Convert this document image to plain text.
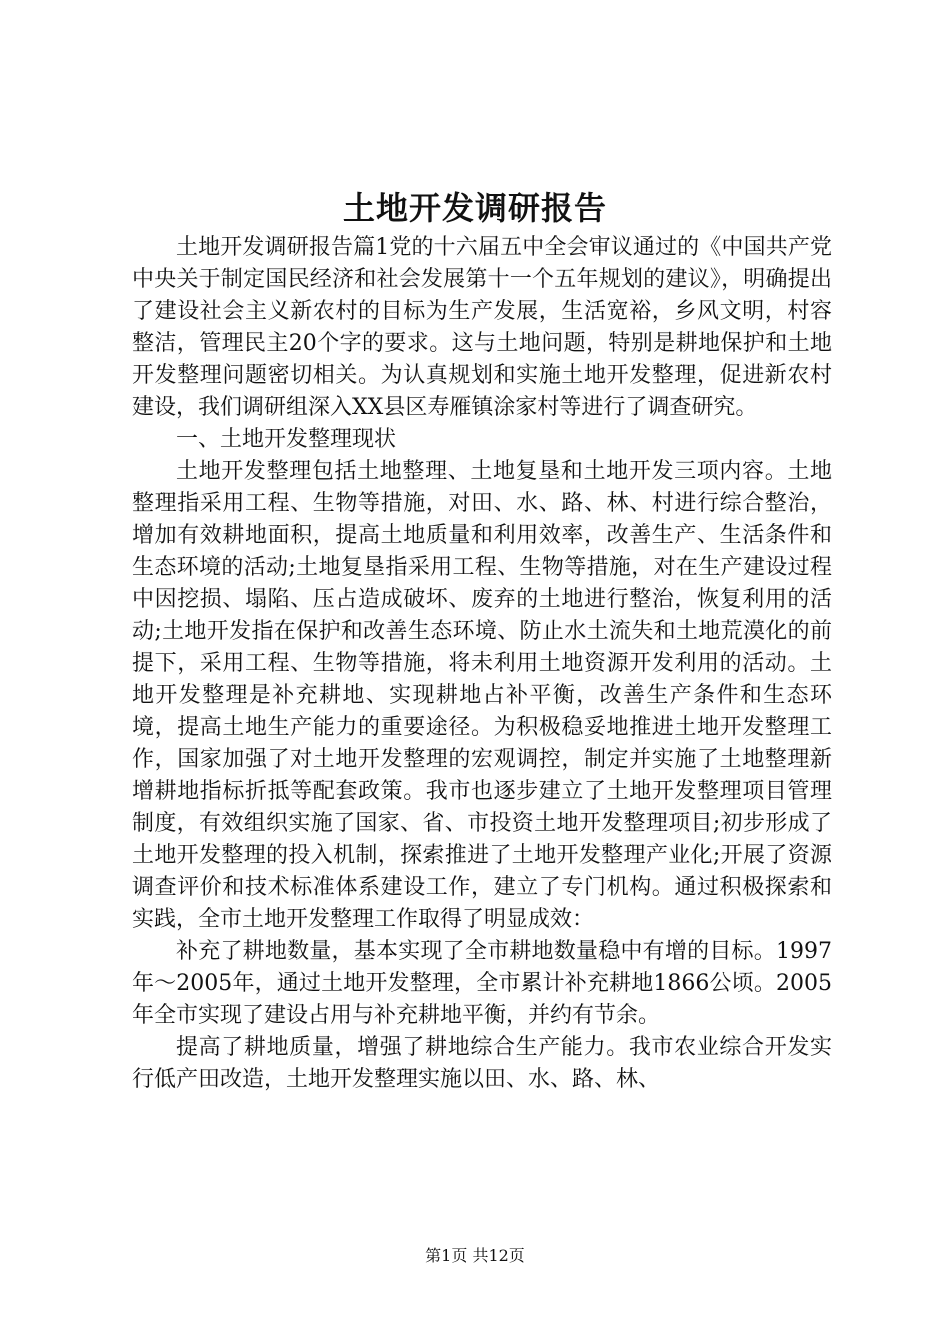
土地开发调研报告

土地开发调研报告篇1党的十六届五中全会审议通过的《中国共产党中央关于制定国民经济和社会发展第十一个五年规划的建议》，明确提出了建设社会主义新农村的目标为生产发展，生活宽裕，乡风文明，村容整洁，管理民主20个字的要求。这与土地问题，特别是耕地保护和土地开发整理问题密切相关。为认真规划和实施土地开发整理，促进新农村建设，我们调研组深入XX县区寿雁镇涂家村等进行了调查研究。

一、土地开发整理现状

土地开发整理包括土地整理、土地复垦和土地开发三项内容。土地整理指采用工程、生物等措施，对田、水、路、林、村进行综合整治，增加有效耕地面积，提高土地质量和利用效率，改善生产、生活条件和生态环境的活动;土地复垦指采用工程、生物等措施，对在生产建设过程中因挖损、塌陷、压占造成破坏、废弃的土地进行整治，恢复利用的活动;土地开发指在保护和改善生态环境、防止水土流失和土地荒漠化的前提下，采用工程、生物等措施，将未利用土地资源开发利用的活动。土地开发整理是补充耕地、实现耕地占补平衡，改善生产条件和生态环境，提高土地生产能力的重要途径。为积极稳妥地推进土地开发整理工作，国家加强了对土地开发整理的宏观调控，制定并实施了土地整理新增耕地指标折抵等配套政策。我市也逐步建立了土地开发整理项目管理制度，有效组织实施了国家、省、市投资土地开发整理项目;初步形成了土地开发整理的投入机制，探索推进了土地开发整理产业化;开展了资源调查评价和技术标准体系建设工作，建立了专门机构。通过积极探索和实践，全市土地开发整理工作取得了明显成效：

补充了耕地数量，基本实现了全市耕地数量稳中有增的目标。1997年～2005年，通过土地开发整理，全市累计补充耕地1866公顷。2005年全市实现了建设占用与补充耕地平衡，并约有节余。

提高了耕地质量，增强了耕地综合生产能力。我市农业综合开发实行低产田改造，土地开发整理实施以田、水、路、林、

第1页 共12页
